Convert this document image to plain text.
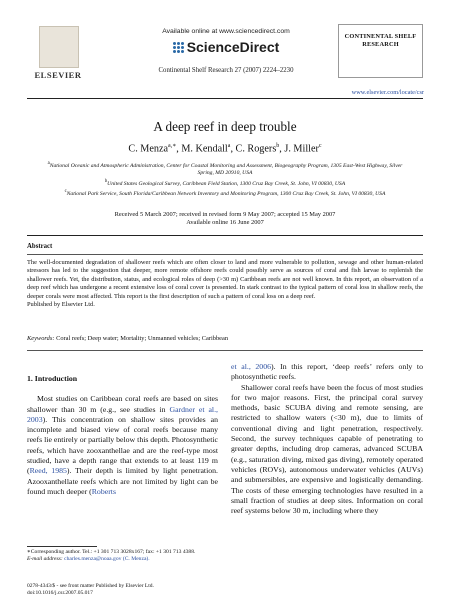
ELSEVIER
Available online at www.sciencedirect.com
ScienceDirect
Continental Shelf Research 27 (2007) 2224–2230
CONTINENTAL SHELF RESEARCH
www.elsevier.com/locate/csr
A deep reef in deep trouble
C. Menza$^{a,∗}$, M. Kendall$^a$, C. Rogers$^b$, J. Miller$^c$
$^a$National Oceanic and Atmospheric Administration, Center for Coastal Monitoring and Assessment, Biogeography Program, 1305 East-West Highway, Silver Spring, MD 20910, USA
$^b$United States Geological Survey, Caribbean Field Station, 1300 Cruz Bay Creek, St. John, VI 00830, USA
$^c$National Park Service, South Florida/Caribbean Network Inventory and Monitoring Program, 1300 Cruz Bay Creek, St. John, VI 00830, USA
Received 5 March 2007; received in revised form 9 May 2007; accepted 15 May 2007
Available online 16 June 2007
Abstract
The well-documented degradation of shallower reefs which are often closer to land and more vulnerable to pollution, sewage and other human-related stressors has led to the suggestion that deeper, more remote offshore reefs could possibly serve as sources of coral and fish larvae to replenish the shallower reefs. Yet, the distribution, status, and ecological roles of deep (>30 m) Caribbean reefs are not well known. In this report, an observation of a deep reef which has undergone a recent extensive loss of coral cover is presented. In stark contrast to the typical pattern of coral loss in shallow reefs, the deeper corals were most affected. This report is the first description of such a pattern of coral loss on a deep reef.
Published by Elsevier Ltd.
Keywords: Coral reefs; Deep water; Mortality; Unmanned vehicles; Caribbean
1. Introduction

Most studies on Caribbean coral reefs are based on sites shallower than 30 m (e.g., see studies in Gardner et al., 2003). This concentration on shallow sites provides an incomplete and biased view of coral reefs because many reefs lie entirely or partially below this depth. Photosynthetic reefs, which have zooxanthellae and are the reef-type most studied, have a depth range that extends to at least 119 m (Reed, 1985). Their depth is limited by light penetration. Azooxanthellate reefs which are not limited by light can be found much deeper (Roberts

et al., 2006). In this report, ‘deep reefs’ refers only to photosynthetic reefs.

Shallower coral reefs have been the focus of most studies for two major reasons. First, the principal coral survey methods, basic SCUBA diving and remote sensing, are restricted to shallow waters (<30 m), due to limits of conventional diving and light penetration, respectively. Second, the survey techniques capable of penetrating to greater depths, including drop cameras, advanced SCUBA (e.g., saturation diving, mixed gas diving), remotely operated vehicles (ROVs), autonomous underwater vehicles (AUVs) and submersibles, are expensive and logistically demanding. The costs of these emerging technologies have resulted in a small fraction of studies at deep sites. Information on coral reef systems below 30 m, including where they

∗Corresponding author. Tel.: +1 301 713 3028x167; fax: +1 301 713 4388.
E-mail address: charles.menza@noaa.gov (C. Menza).
0278-4343/$ - see front matter Published by Elsevier Ltd.
doi:10.1016/j.csr.2007.05.017
